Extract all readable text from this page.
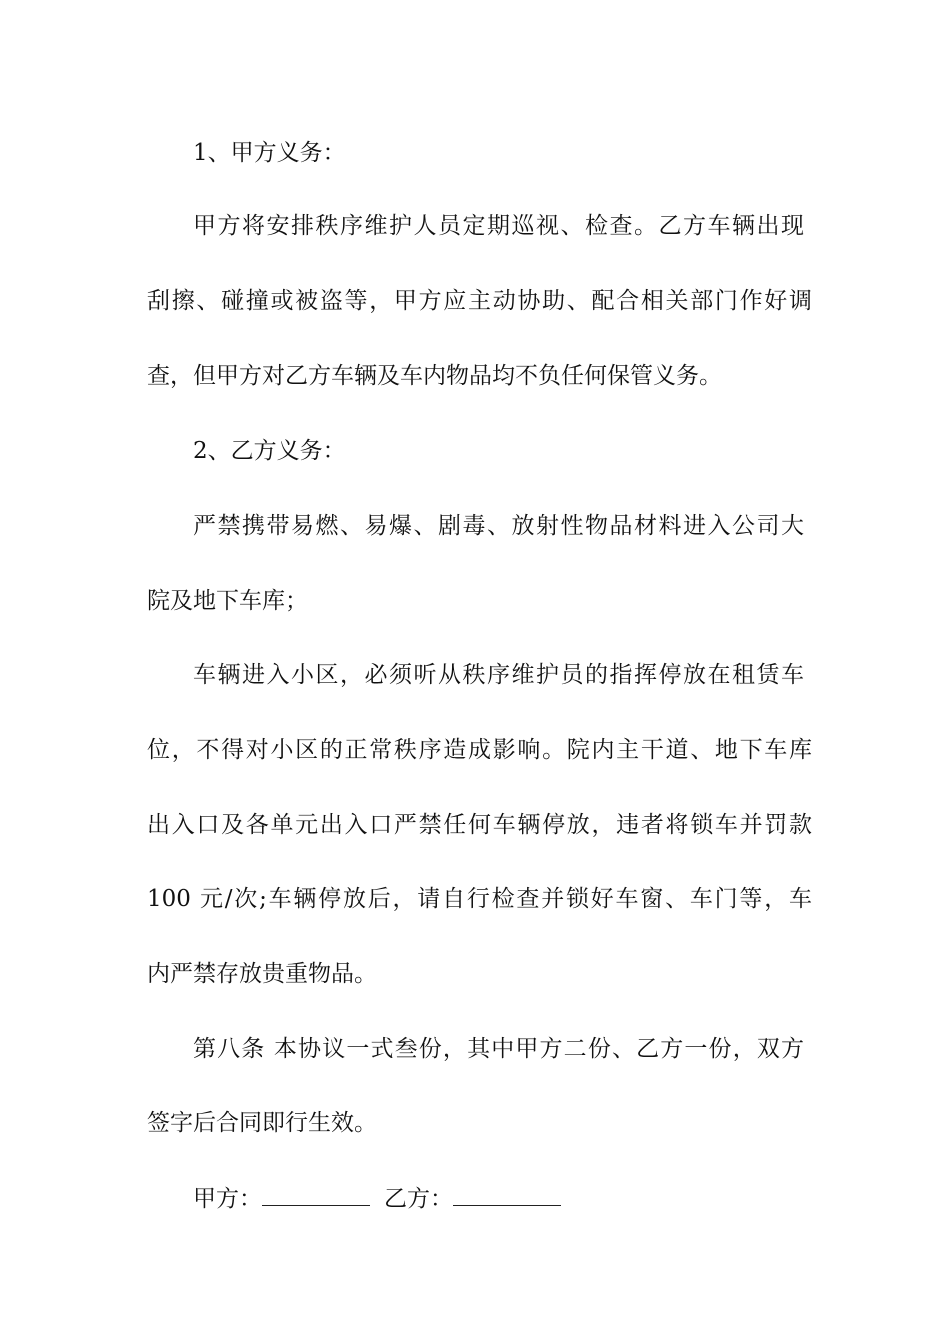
1、甲方义务：
甲方将安排秩序维护人员定期巡视、检查。乙方车辆出现
刮擦、碰撞或被盗等，甲方应主动协助、配合相关部门作好调
查，但甲方对乙方车辆及车内物品均不负任何保管义务。
2、乙方义务：
严禁携带易燃、易爆、剧毒、放射性物品材料进入公司大
院及地下车库；
车辆进入小区，必须听从秩序维护员的指挥停放在租赁车
位，不得对小区的正常秩序造成影响。院内主干道、地下车库
出入口及各单元出入口严禁任何车辆停放，违者将锁车并罚款
100 元/次;车辆停放后，请自行检查并锁好车窗、车门等，车
内严禁存放贵重物品。
第八条 本协议一式叁份，其中甲方二份、乙方一份，双方
签字后合同即行生效。
甲方：	乙方：
